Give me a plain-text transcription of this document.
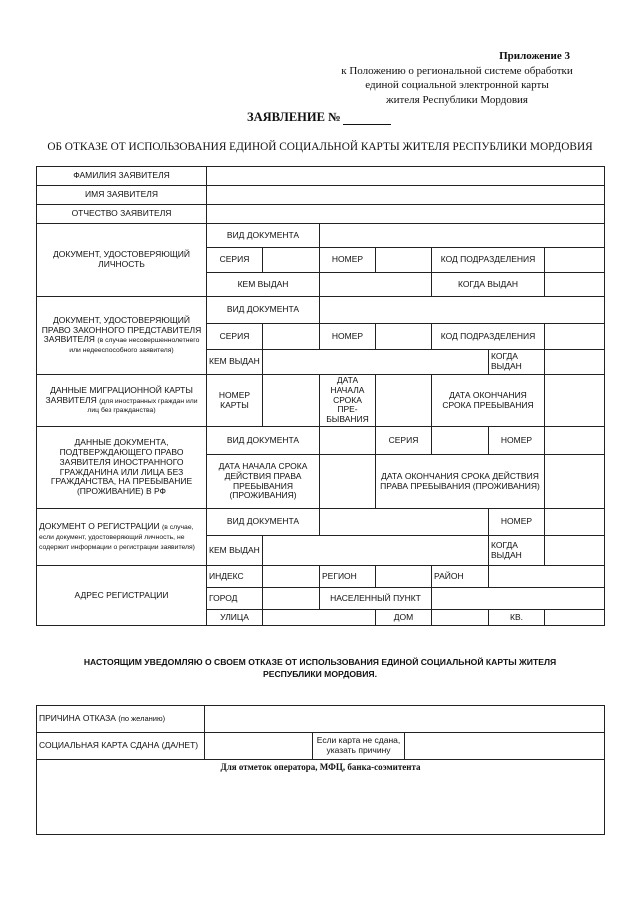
Приложение 3
к Положению о региональной системе обработки
единой социальной электронной карты
жителя Республики Мордовия
ЗАЯВЛЕНИЕ №
ОБ ОТКАЗЕ ОТ ИСПОЛЬЗОВАНИЯ ЕДИНОЙ СОЦИАЛЬНОЙ КАРТЫ ЖИТЕЛЯ РЕСПУБЛИКИ МОРДОВИЯ
ФАМИЛИЯ ЗАЯВИТЕЛЯ							
ИМЯ ЗАЯВИТЕЛЯ							
ОТЧЕСТВО ЗАЯВИТЕЛЯ							
ДОКУМЕНТ, УДОСТОВЕРЯЮЩИЙ ЛИЧНОСТЬ	ВИД ДОКУМЕНТА						
	СЕРИЯ		НОМЕР		КОД ПОДРАЗДЕЛЕНИЯ		
	КЕМ ВЫДАН				КОГДА ВЫДАН		
ДОКУМЕНТ, УДОСТОВЕРЯЮЩИЙ ПРАВО ЗАКОННОГО ПРЕДСТАВИТЕЛЯ ЗАЯВИТЕЛЯ (в случае несовершеннолетнего или недееспособного заявителя)	ВИД ДОКУМЕНТА						
	СЕРИЯ		НОМЕР		КОД ПОДРАЗДЕЛЕНИЯ		
	КЕМ ВЫДАН					КОГДА ВЫДАН	
ДАННЫЕ МИГРАЦИОННОЙ КАРТЫ ЗАЯВИТЕЛЯ (для иностранных граждан или лиц без гражданства)	НОМЕР КАРТЫ		ДАТА НАЧАЛА СРОКА ПРЕ-БЫВАНИЯ		ДАТА ОКОНЧАНИЯ СРОКА ПРЕБЫВАНИЯ		
ДАННЫЕ ДОКУМЕНТА, ПОДТВЕРЖДАЮЩЕГО ПРАВО ЗАЯВИТЕЛЯ ИНОСТРАННОГО ГРАЖДАНИНА ИЛИ ЛИЦА БЕЗ ГРАЖДАНСТВА, НА ПРЕБЫВАНИЕ (ПРОЖИВАНИЕ) В РФ	ВИД ДОКУМЕНТА			СЕРИЯ		НОМЕР	
	ДАТА НАЧАЛА СРОКА ДЕЙСТВИЯ ПРАВА ПРЕБЫВАНИЯ (ПРОЖИВАНИЯ)			ДАТА ОКОНЧАНИЯ СРОКА ДЕЙСТВИЯ ПРАВА ПРЕБЫВАНИЯ (ПРОЖИВАНИЯ)			
ДОКУМЕНТ О РЕГИСТРАЦИИ (в случае, если документ, удостоверяющий личность, не содержит информации о регистрации заявителя)	ВИД ДОКУМЕНТА					НОМЕР	
	КЕМ ВЫДАН					КОГДА ВЫДАН	
АДРЕС РЕГИСТРАЦИИ	ИНДЕКС		РЕГИОН		РАЙОН		
	ГОРОД		НАСЕЛЕННЫЙ ПУНКТ				
	УЛИЦА			ДОМ		КВ.	
НАСТОЯЩИМ УВЕДОМЛЯЮ О СВОЕМ ОТКАЗЕ ОТ ИСПОЛЬЗОВАНИЯ ЕДИНОЙ СОЦИАЛЬНОЙ КАРТЫ ЖИТЕЛЯ
РЕСПУБЛИКИ МОРДОВИЯ.
ПРИЧИНА ОТКАЗА (по желанию)			
СОЦИАЛЬНАЯ КАРТА СДАНА (ДА/НЕТ)		Если карта не сдана, указать причину	
Для отметок оператора, МФЦ, банка-соэмитента			
